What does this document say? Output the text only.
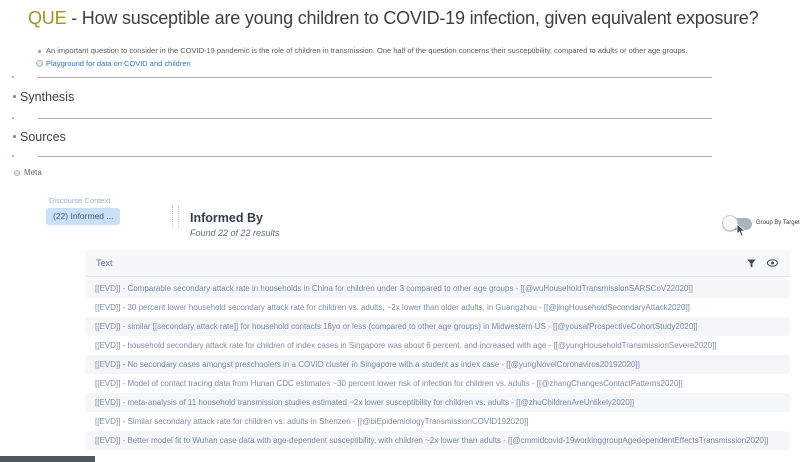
QUE - How susceptible are young children to COVID-19 infection, given equivalent exposure?
An important question to consider in the COVID-19 pandemic is the role of children in transmission. One half of the question concerns their susceptibility, compared to adults or other age groups.
Playground for data on COVID and children
Synthesis
Sources
Meta
Discourse Context
(22) Informed ...	Informed By
Found 22 of 22 results
Group By Target
Text
[[EVD]] - Comparable secondary attack rate in households in China for children under 3 compared to other age groups - [[@wuHouseholdTransmissionSARSCoV22020]]
[[EVD]] - 30 percent lower household secondary attack rate for children vs. adults, ~2x lower than older adults, in Guangzhou - [[@jingHouseholdSecondaryAttack2020]]
[[EVD]] - similar [[secondary attack rate]] for household contacts 18yo or less (compared to other age groups) in Midwestern US - [[@yousafProspectiveCohortStudy2020]]
[[EVD]] - household secondary attack rate for children of index cases in Singapore was about 6 percent, and increased with age - [[@yungHouseholdTransmissionSevere2020]]
[[EVD]] - No secondary cases amongst preschoolers in a COVID cluster in Singapore with a student as index case - [[@yungNovelCoronavirus20192020]]
[[EVD]] - Model of contact tracing data from Hunan CDC estimates ~30 percent lower risk of infection for children vs. adults - [[@zhangChangesContactPatterns2020]]
[[EVD]] - meta-analysis of 11 household transmission studies estimated ~2x lower susceptibility for children vs. adults - [[@zhuChildrenAreUnlikely2020]]
[[EVD]] - Similar secondary attack rate for children vs. adults in Shenzen - [[@biEpidemiologyTransmissionCOVID192020]]
[[EVD]] - Better model fit to Wuhan case data with age-dependent susceptibility, with children ~2x lower than adults - [[@cmmidcovid-19workinggroupAgedependentEffectsTransmission2020]]
